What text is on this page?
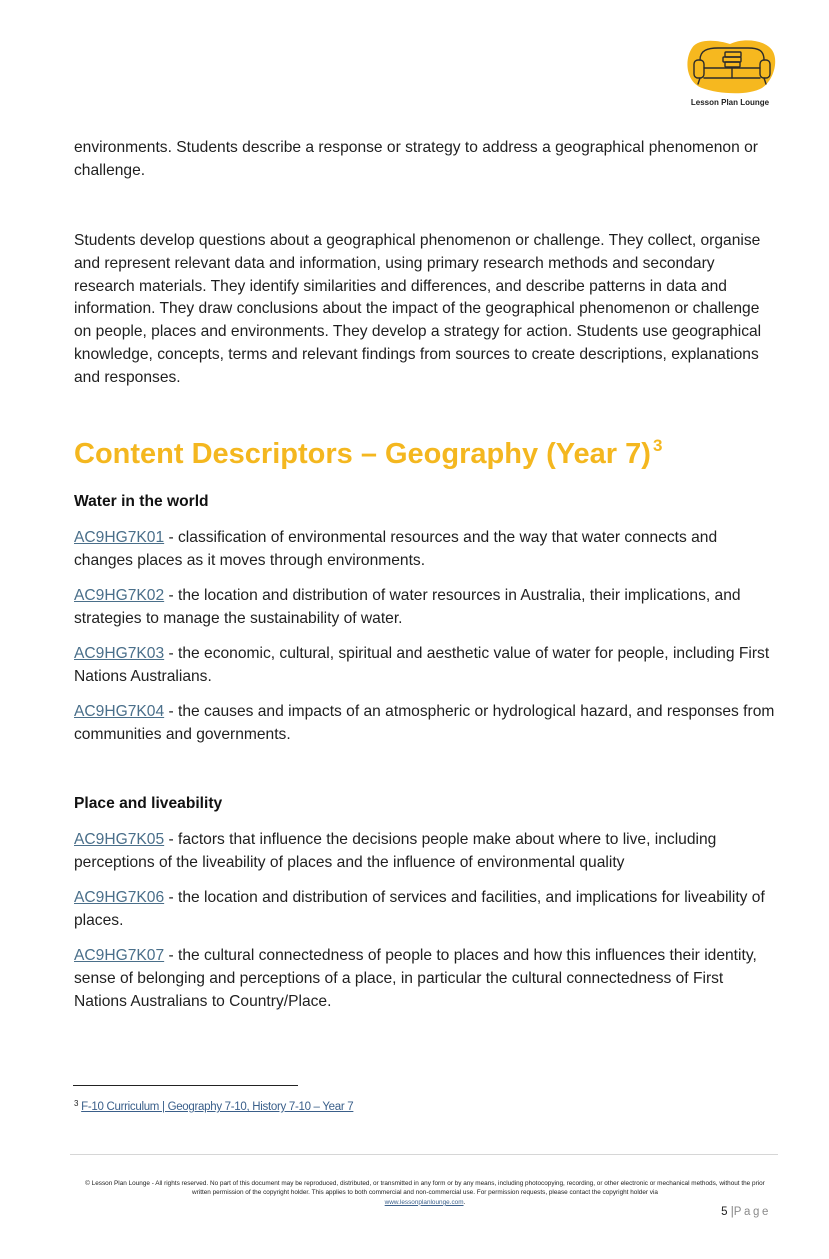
Lesson Plan Lounge

environments. Students describe a response or strategy to address a geographical phenomenon or challenge.

Students develop questions about a geographical phenomenon or challenge. They collect, organise and represent relevant data and information, using primary research methods and secondary research materials. They identify similarities and differences, and describe patterns in data and information. They draw conclusions about the impact of the geographical phenomenon or challenge on people, places and environments. They develop a strategy for action. Students use geographical knowledge, concepts, terms and relevant findings from sources to create descriptions, explanations and responses.

Content Descriptors – Geography (Year 7) $^3$
Water in the world

AC9HG7K01 - classification of environmental resources and the way that water connects and changes places as it moves through environments.

AC9HG7K02 - the location and distribution of water resources in Australia, their implications, and strategies to manage the sustainability of water.

AC9HG7K03 - the economic, cultural, spiritual and aesthetic value of water for people, including First Nations Australians.

AC9HG7K04 - the causes and impacts of an atmospheric or hydrological hazard, and responses from communities and governments.

Place and liveability

AC9HG7K05 - factors that influence the decisions people make about where to live, including perceptions of the liveability of places and the influence of environmental quality

AC9HG7K06 - the location and distribution of services and facilities, and implications for liveability of places.

AC9HG7K07 - the cultural connectedness of people to places and how this influences their identity, sense of belonging and perceptions of a place, in particular the cultural connectedness of First Nations Australians to Country/Place.

$^3$ F-10 Curriculum | Geography 7-10, History 7-10 – Year 7

© Lesson Plan Lounge - All rights reserved. No part of this document may be reproduced, distributed, or transmitted in any form or by any means, including photocopying, recording, or other electronic or mechanical methods, without the prior written permission of the copyright holder. This applies to both commercial and non-commercial use. For permission requests, please contact the copyright holder via
www.lessonplanlounge.com.

5 |Page
